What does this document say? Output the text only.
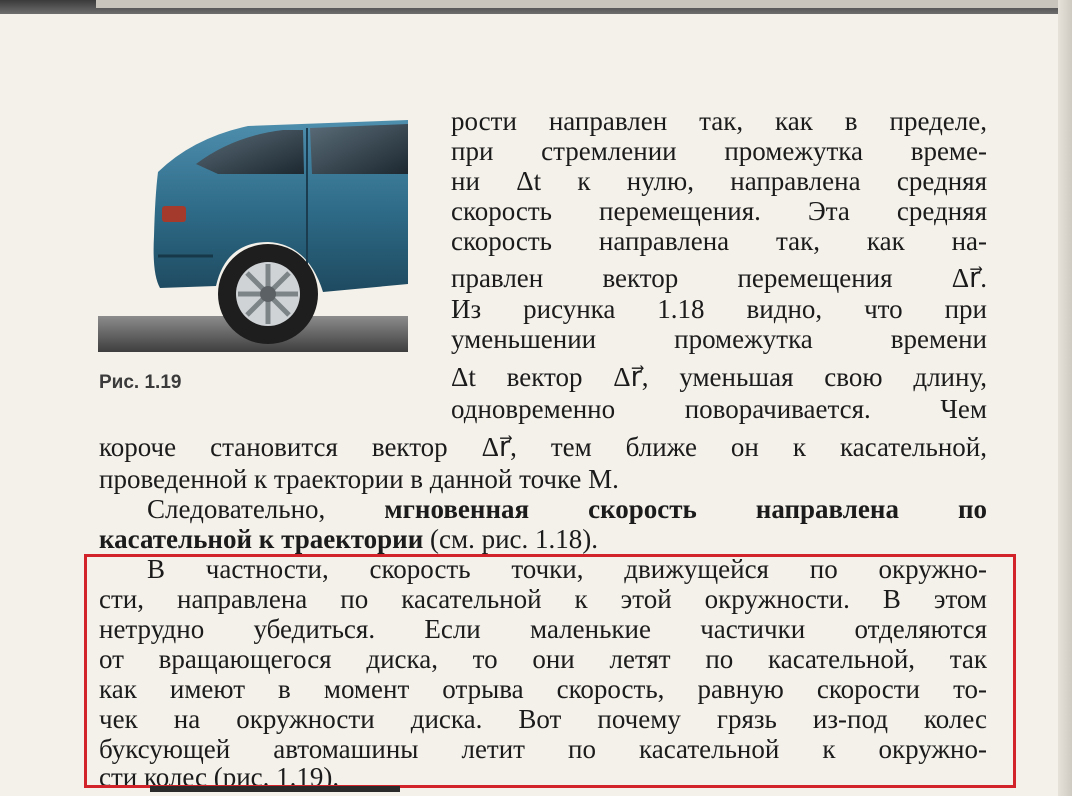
Рис. 1.19
рости направлен так, как в пределе,
при стремлении промежутка време-
ни Δt к нулю, направлена средняя
скорость перемещения. Эта средняя
скорость направлена так, как на-
правлен вектор перемещения Δr⃗.
Из рисунка 1.18 видно, что при
уменьшении промежутка времени
Δt вектор Δr⃗, уменьшая свою длину,
одновременно поворачивается. Чем
короче становится вектор Δr⃗, тем ближе он к касательной,
проведенной к траектории в данной точке M.
Следовательно, мгновенная скорость направлена по
касательной к траектории (см. рис. 1.18).
В частности, скорость точки, движущейся по окружно-
сти, направлена по касательной к этой окружности. В этом
нетрудно убедиться. Если маленькие частички отделяются
от вращающегося диска, то они летят по касательной, так
как имеют в момент отрыва скорость, равную скорости то-
чек на окружности диска. Вот почему грязь из-под колес
буксующей автомашины летит по касательной к окружно-
сти колес (рис. 1.19).
